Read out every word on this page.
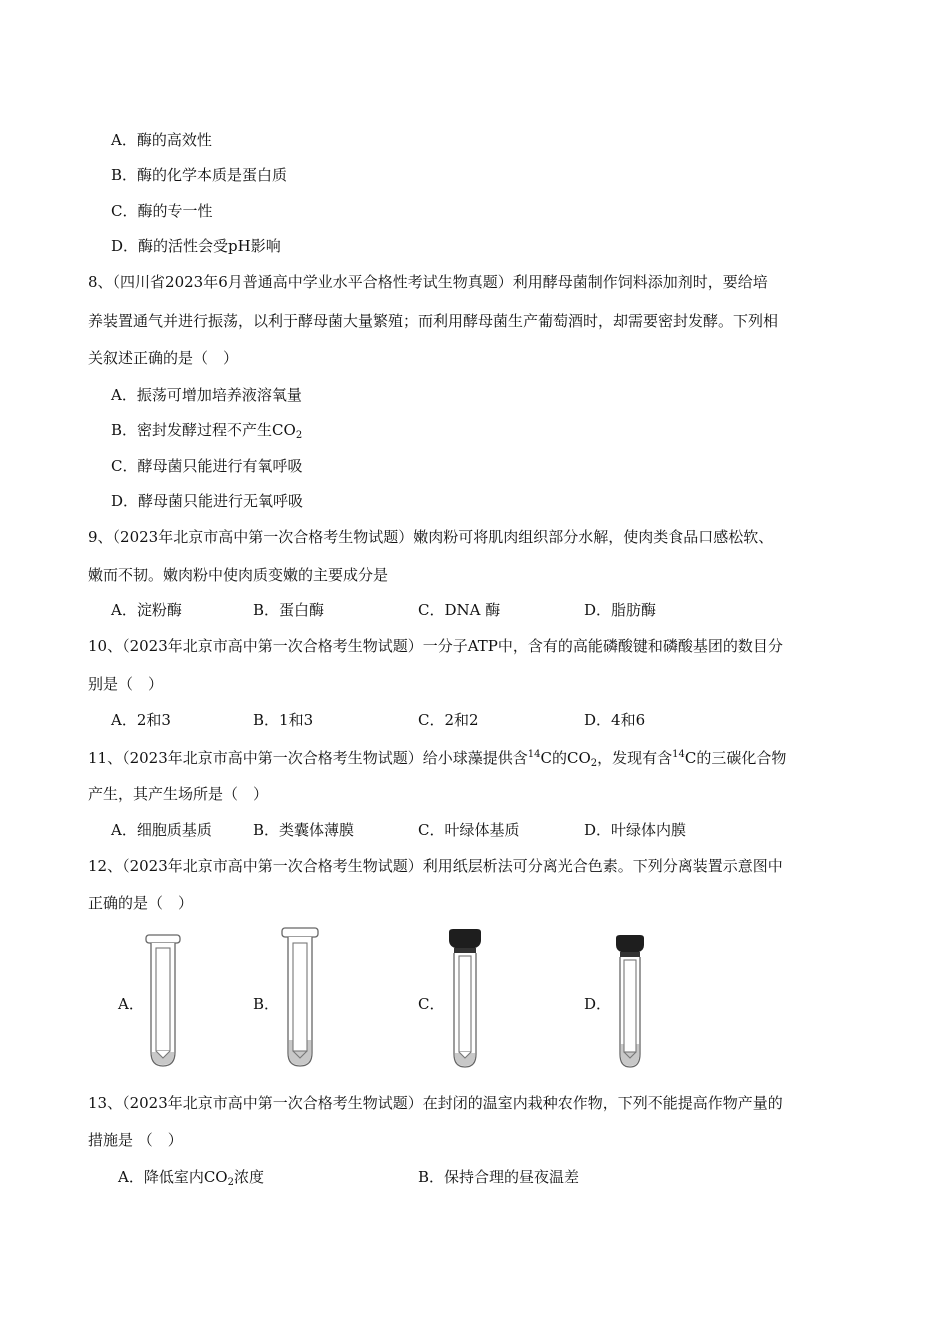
A．酶的高效性
B．酶的化学本质是蛋白质
C．酶的专一性
D．酶的活性会受pH影响
8、（四川省2023年6月普通高中学业水平合格性考试生物真题）利用酵母菌制作饲料添加剂时，要给培
养装置通气并进行振荡，以利于酵母菌大量繁殖；而利用酵母菌生产葡萄酒时，却需要密封发酵。下列相
关叙述正确的是（　）
A．振荡可增加培养液溶氧量
B．密封发酵过程不产生$CO_2$
C．酵母菌只能进行有氧呼吸
D．酵母菌只能进行无氧呼吸
9、（2023年北京市高中第一次合格考生物试题）嫩肉粉可将肌肉组织部分水解，使肉类食品口感松软、
嫩而不韧。嫩肉粉中使肉质变嫩的主要成分是
A．淀粉酶	B．蛋白酶	C．DNA 酶	D．脂肪酶
10、（2023年北京市高中第一次合格考生物试题）一分子ATP中，含有的高能磷酸键和磷酸基团的数目分
别是（　）
A．2和3	B．1和3	C．2和2	D．4和6
11、（2023年北京市高中第一次合格考生物试题）给小球藻提供含$^{14}$C的$CO_2$，发现有含$^{14}$C的三碳化合物
产生，其产生场所是（　）
A．细胞质基质	B．类囊体薄膜	C．叶绿体基质	D．叶绿体内膜
12、（2023年北京市高中第一次合格考生物试题）利用纸层析法可分离光合色素。下列分离装置示意图中
正确的是（　）
A．	B．	C．	D．
13、（2023年北京市高中第一次合格考生物试题）在封闭的温室内栽种农作物，下列不能提高作物产量的
措施是 （　）
A．降低室内$CO_2$浓度	B．保持合理的昼夜温差
